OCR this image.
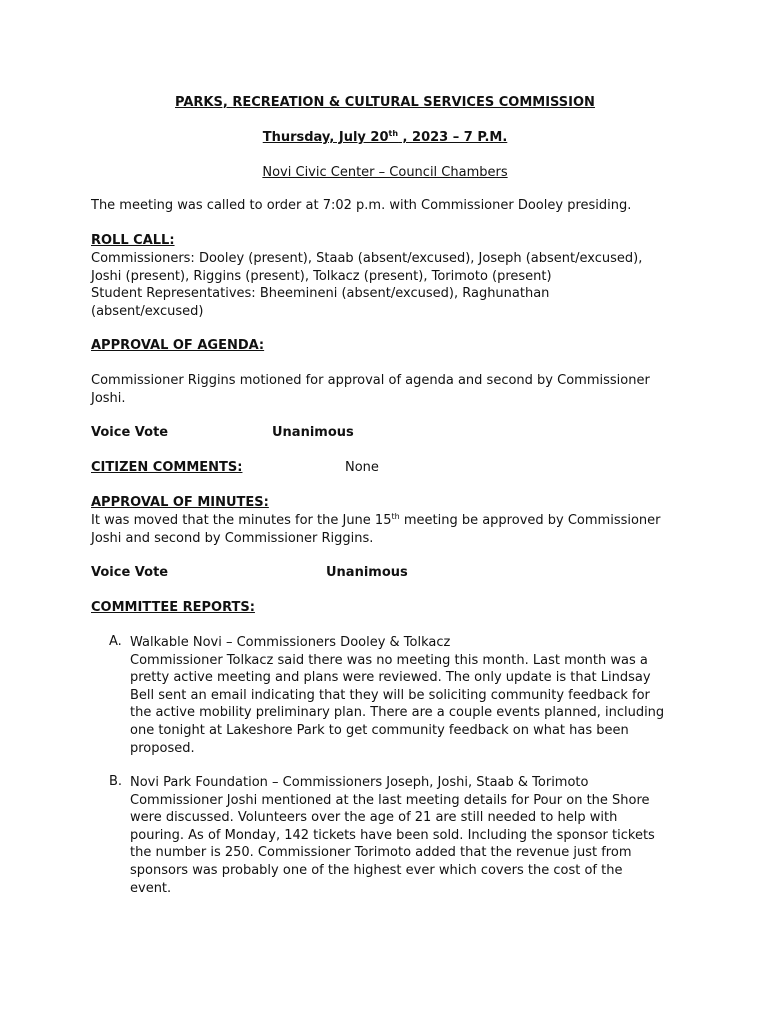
PARKS, RECREATION & CULTURAL SERVICES COMMISSION
Thursday, July 20th , 2023 – 7 P.M.
Novi Civic Center – Council Chambers
The meeting was called to order at 7:02 p.m. with Commissioner Dooley presiding.
ROLL CALL:
Commissioners: Dooley (present), Staab (absent/excused), Joseph (absent/excused),
Joshi (present), Riggins (present), Tolkacz (present), Torimoto (present)
Student Representatives: Bheemineni (absent/excused), Raghunathan
(absent/excused)
APPROVAL OF AGENDA:
Commissioner Riggins motioned for approval of agenda and second by Commissioner
Joshi.
Voice Vote	Unanimous
CITIZEN COMMENTS:	None
APPROVAL OF MINUTES:
It was moved that the minutes for the June 15th meeting be approved by Commissioner
Joshi and second by Commissioner Riggins.
Voice Vote	Unanimous
COMMITTEE REPORTS:
A. Walkable Novi – Commissioners Dooley & Tolkacz
Commissioner Tolkacz said there was no meeting this month. Last month was a
pretty active meeting and plans were reviewed. The only update is that Lindsay
Bell sent an email indicating that they will be soliciting community feedback for
the active mobility preliminary plan. There are a couple events planned, including
one tonight at Lakeshore Park to get community feedback on what has been
proposed.
B. Novi Park Foundation – Commissioners Joseph, Joshi, Staab & Torimoto
Commissioner Joshi mentioned at the last meeting details for Pour on the Shore
were discussed. Volunteers over the age of 21 are still needed to help with
pouring. As of Monday, 142 tickets have been sold. Including the sponsor tickets
the number is 250. Commissioner Torimoto added that the revenue just from
sponsors was probably one of the highest ever which covers the cost of the
event.
